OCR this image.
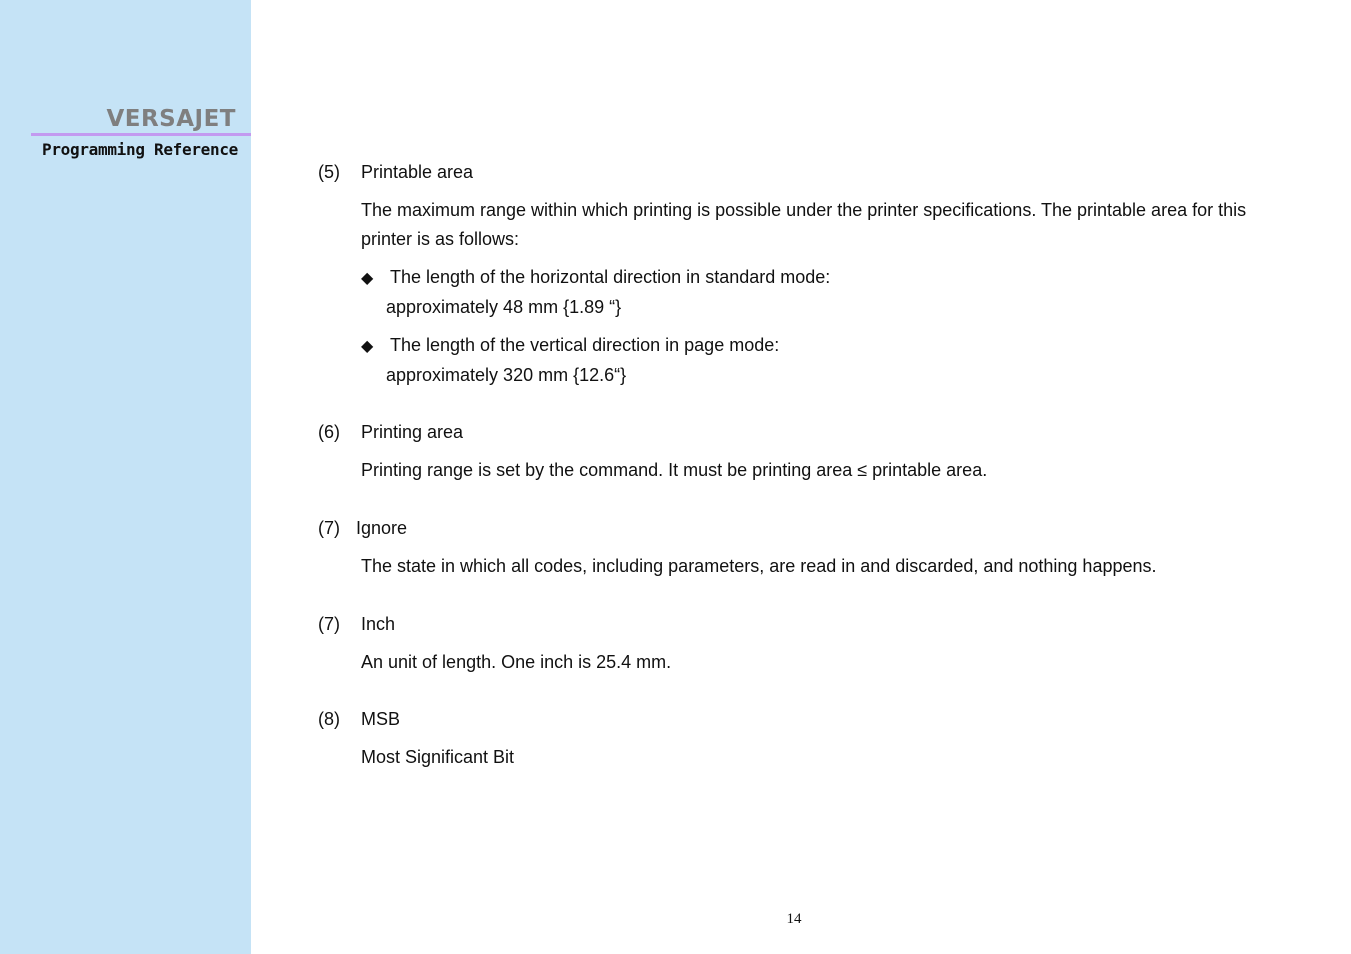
VERSAJET
Programming Reference
(5) Printable area
The maximum range within which printing is possible under the printer specifications. The printable area for this printer is as follows:
◆ The length of the horizontal direction in standard mode:
approximately 48 mm {1.89 “}
◆ The length of the vertical direction in page mode:
approximately 320 mm {12.6“}
(6) Printing area
Printing range is set by the command. It must be printing area ≤ printable area.
(7) Ignore
The state in which all codes, including parameters, are read in and discarded, and nothing happens.
(7) Inch
An unit of length. One inch is 25.4 mm.
(8) MSB
Most Significant Bit
14
